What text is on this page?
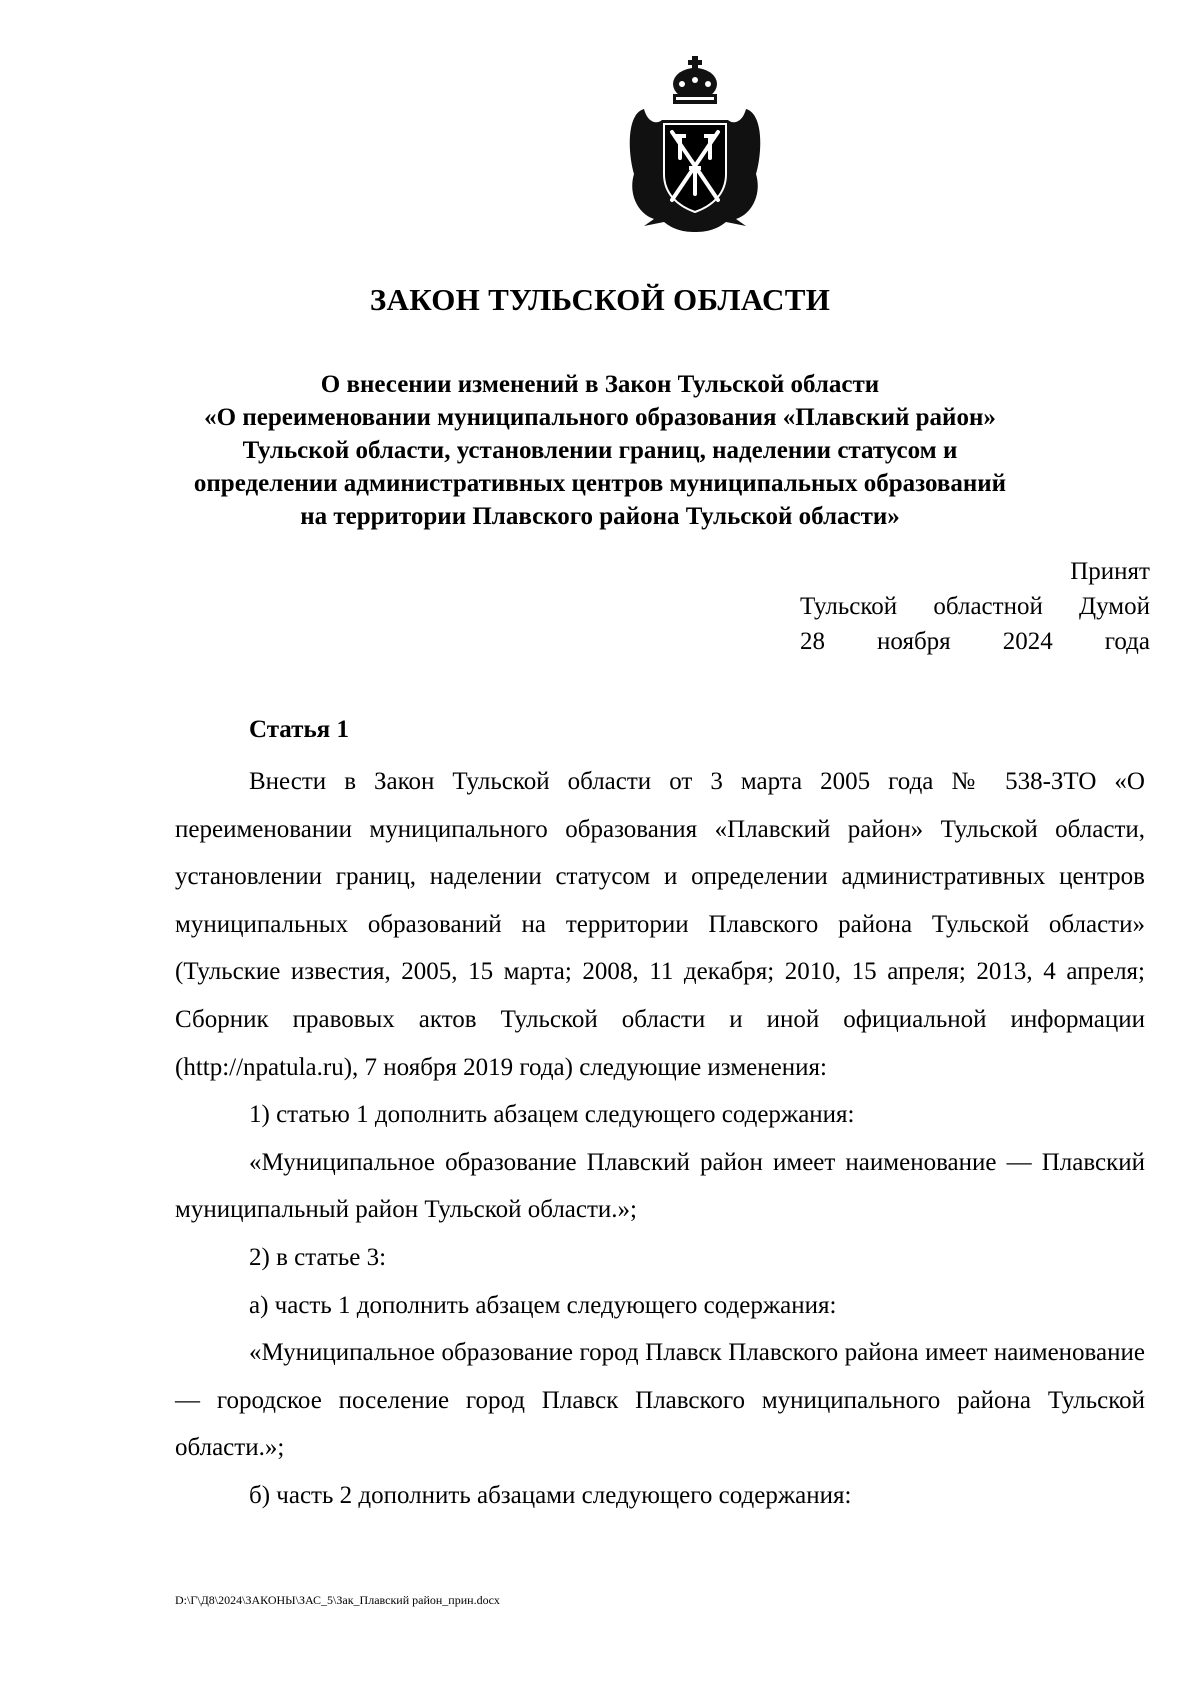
ЗАКОН ТУЛЬСКОЙ ОБЛАСТИ
О внесении изменений в Закон Тульской области
«О переименовании муниципального образования «Плавский район»
Тульской области, установлении границ, наделении статусом и
определении административных центров муниципальных образований
на территории Плавского района Тульской области»
Принят
Тульской областной Думой
28 ноября 2024 года
Статья 1

Внести в Закон Тульской области от 3 марта 2005 года № 538-ЗТО «О переименовании муниципального образования «Плавский район» Тульской области, установлении границ, наделении статусом и определении административных центров муниципальных образований на территории Плавского района Тульской области» (Тульские известия, 2005, 15 марта; 2008, 11 декабря; 2010, 15 апреля; 2013, 4 апреля; Сборник правовых актов Тульской области и иной официальной информации (http://npatula.ru), 7 ноября 2019 года) следующие изменения:

1) статью 1 дополнить абзацем следующего содержания:

«Муниципальное образование Плавский район имеет наименование — Плавский муниципальный район Тульской области.»;

2) в статье 3:

а) часть 1 дополнить абзацем следующего содержания:

«Муниципальное образование город Плавск Плавского района имеет наименование — городское поселение город Плавск Плавского муниципального района Тульской области.»;

б) часть 2 дополнить абзацами следующего содержания:

D:\Г\Д8\2024\ЗАКОНЫ\ЗАС_5\Зак_Плавский район_прин.docx
